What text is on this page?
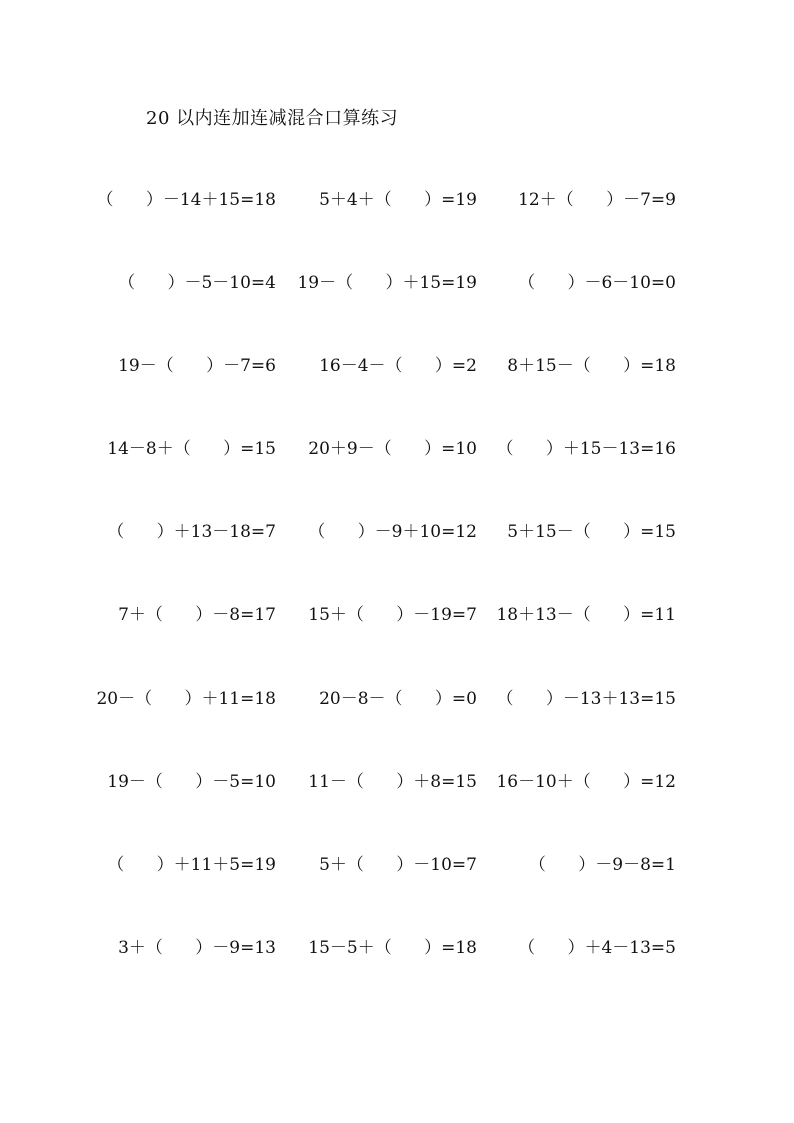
20 以内连加连减混合口算练习
（      ）－14＋15=18	5＋4＋（      ）=19 12＋（      ）－7=9
（      ）－5－10=4 19－（      ）＋15=19 （      ）－6－10=0
19－（      ）－7=6	16－4－（      ）=2 8＋15－（      ）=18
14－8＋（      ）=15 20＋9－（      ）=10 （      ）＋15－13=16
（      ）＋13－18=7 （      ）－9＋10=12 5＋15－（      ）=15
7＋（      ）－8=17 15＋（      ）－19=7 18＋13－（      ）=11
20－（      ）＋11=18	20－8－（      ）=0 （      ）－13＋13=15
19－（      ）－5=10 11－（      ）＋8=15 16－10＋（      ）=12
（      ）＋11＋5=19	5＋（      ）－10=7	（      ）－9－8=1
3＋（      ）－9=13 15－5＋（      ）=18 （      ）＋4－13=5
